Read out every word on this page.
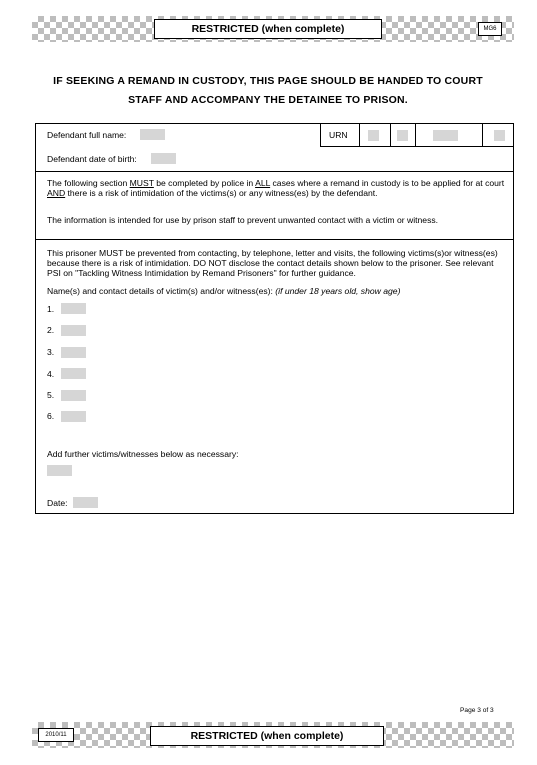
RESTRICTED (when complete)	MG6
IF SEEKING A REMAND IN CUSTODY, THIS PAGE SHOULD BE HANDED TO COURT
STAFF AND ACCOMPANY THE DETAINEE TO PRISON.
Defendant full name:	URN
Defendant date of birth:
The following section MUST be completed by police in ALL cases where a remand in custody is to be applied for at court AND there is a risk of intimidation of the victims(s) or any witness(es) by the defendant.
The information is intended for use by prison staff to prevent unwanted contact with a victim or witness.
This prisoner MUST be prevented from contacting, by telephone, letter and visits, the following victims(s)or witness(es) because there is a risk of intimidation. DO NOT disclose the contact details shown below to the prisoner. See relevant PSI on "Tackling Witness Intimidation by Remand Prisoners" for further guidance.
Name(s) and contact details of victim(s) and/or witness(es): (if under 18 years old, show age)
1.
2.
3.
4.
5.
6.
Add further victims/witnesses below as necessary:
Date:
Page 3 of 3
2010/11	RESTRICTED (when complete)
